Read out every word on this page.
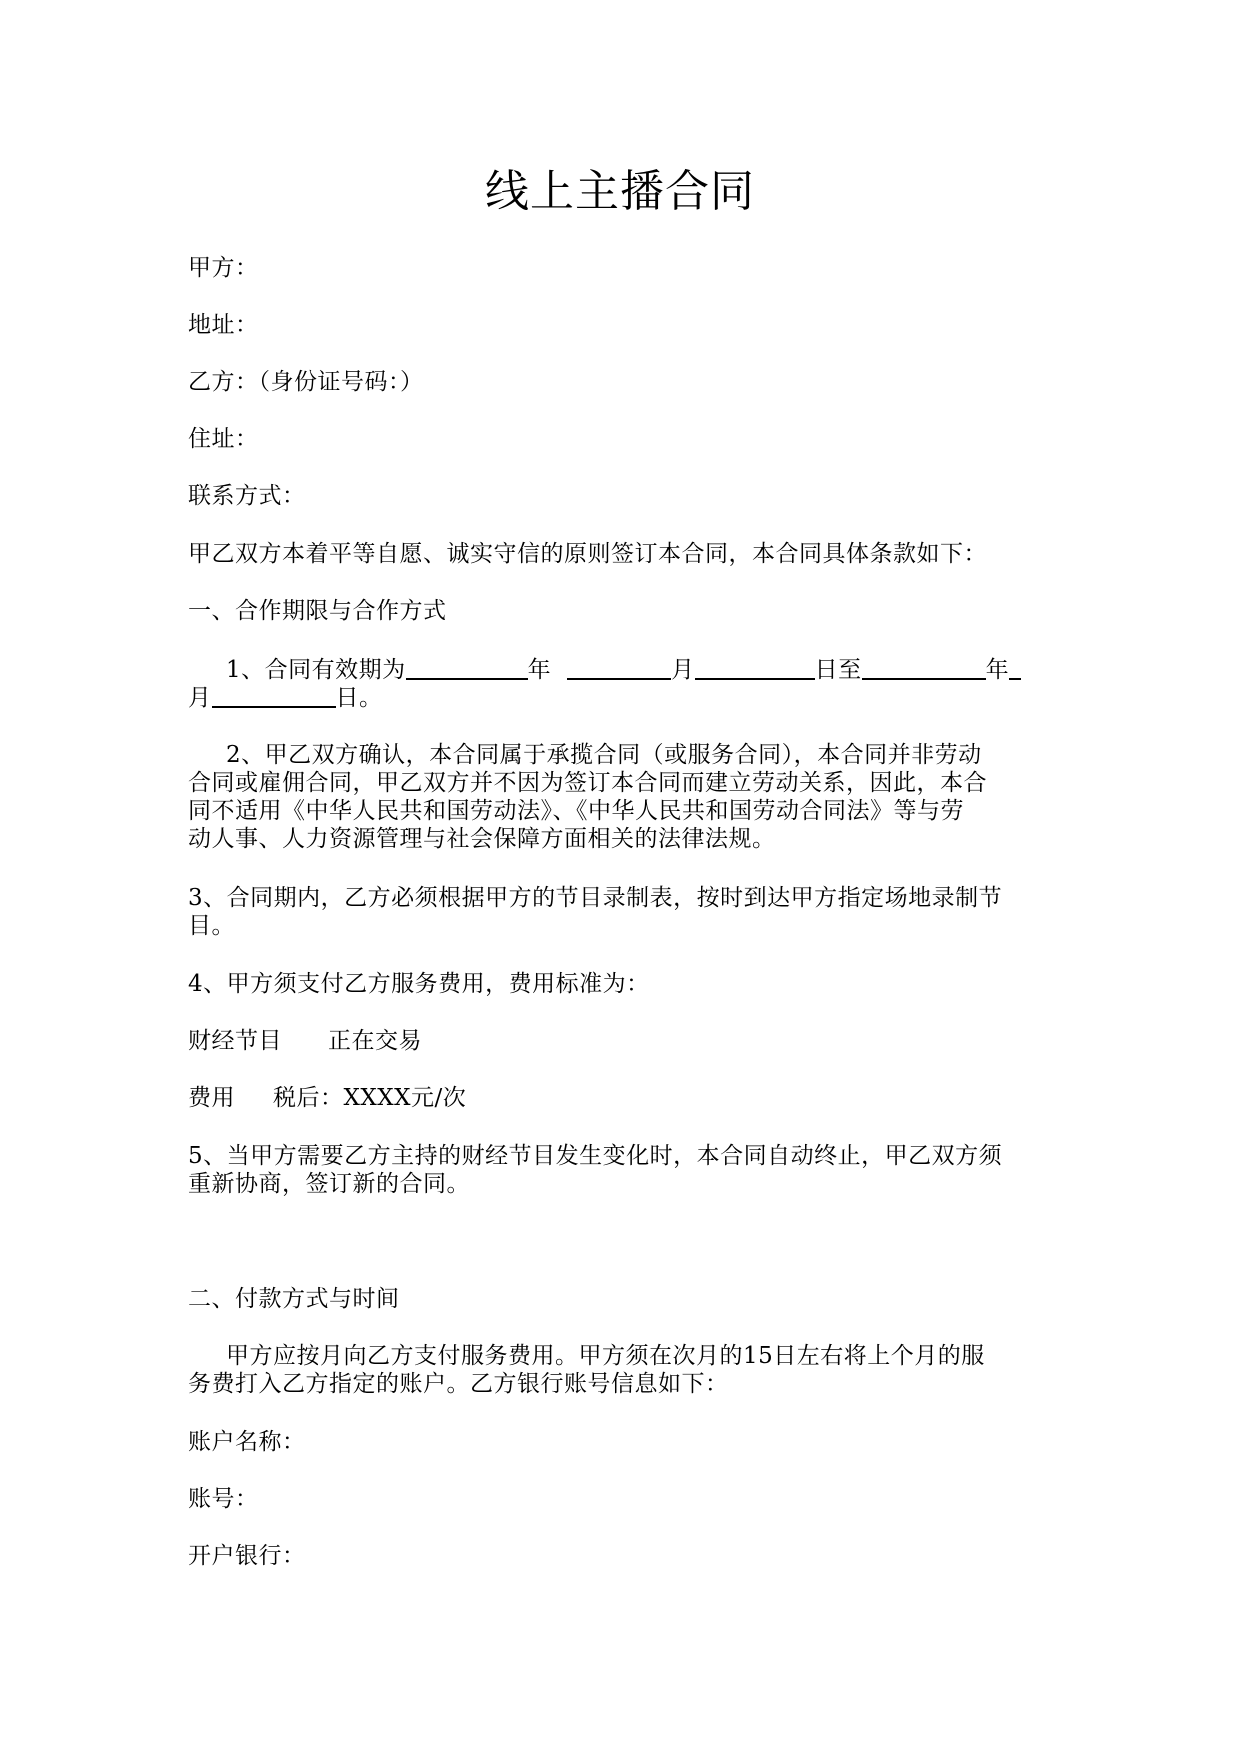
线上主播合同
甲方：
地址：
乙方：（身份证号码：）
住址：
联系方式：
甲乙双方本着平等自愿、诚实守信的原则签订本合同，本合同具体条款如下：
一、合作期限与合作方式
1、合同有效期为	年	月	日至	年
月	日。
2、甲乙双方确认，本合同属于承揽合同（或服务合同），本合同并非劳动
合同或雇佣合同，甲乙双方并不因为签订本合同而建立劳动关系，因此，本合
同不适用《中华人民共和国劳动法》、《中华人民共和国劳动合同法》等与劳
动人事、人力资源管理与社会保障方面相关的法律法规。
3、合同期内，乙方必须根据甲方的节目录制表，按时到达甲方指定场地录制节
目。
4、甲方须支付乙方服务费用，费用标准为：
财经节目 正在交易
费用 税后：XXXX元/次
5、当甲方需要乙方主持的财经节目发生变化时，本合同自动终止，甲乙双方须
重新协商，签订新的合同。
二、付款方式与时间
甲方应按月向乙方支付服务费用。甲方须在次月的15日左右将上个月的服
务费打入乙方指定的账户。乙方银行账号信息如下：
账户名称：
账号：
开户银行：
